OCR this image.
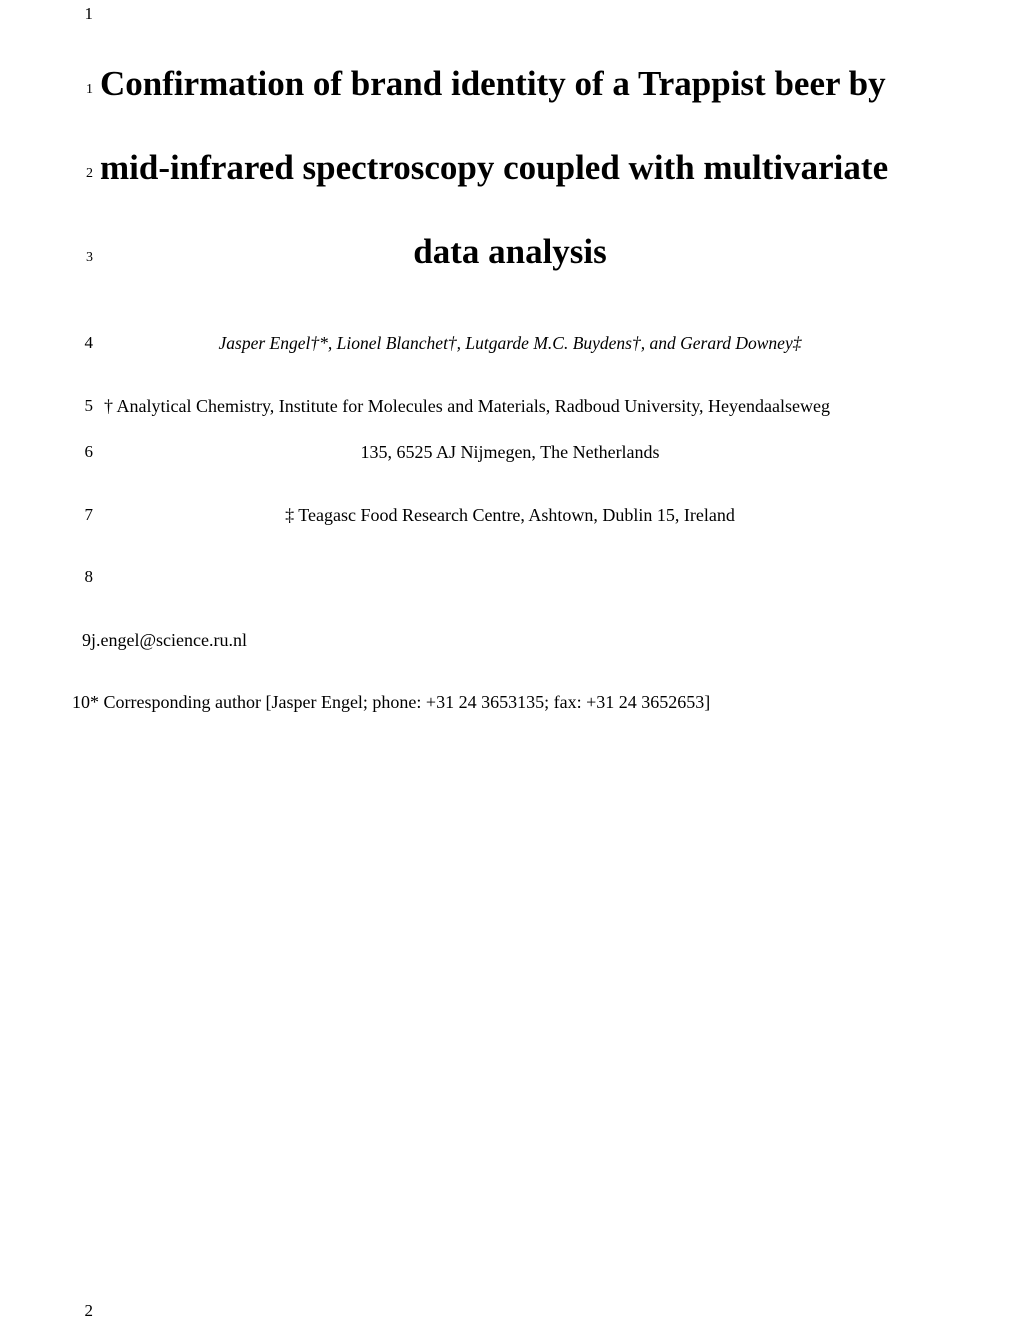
1
1 Confirmation of brand identity of a Trappist beer by
2 mid-infrared spectroscopy coupled with multivariate
3	data analysis
4	Jasper Engel†*, Lionel Blanchet†, Lutgarde M.C. Buydens†, and Gerard Downey‡
5 † Analytical Chemistry, Institute for Molecules and Materials, Radboud University, Heyendaalseweg
6	135, 6525 AJ Nijmegen, The Netherlands
7	‡ Teagasc Food Research Centre, Ashtown, Dublin 15, Ireland
8
9j.engel@science.ru.nl
10* Corresponding author [Jasper Engel; phone: +31 24 3653135; fax: +31 24 3652653]
2
